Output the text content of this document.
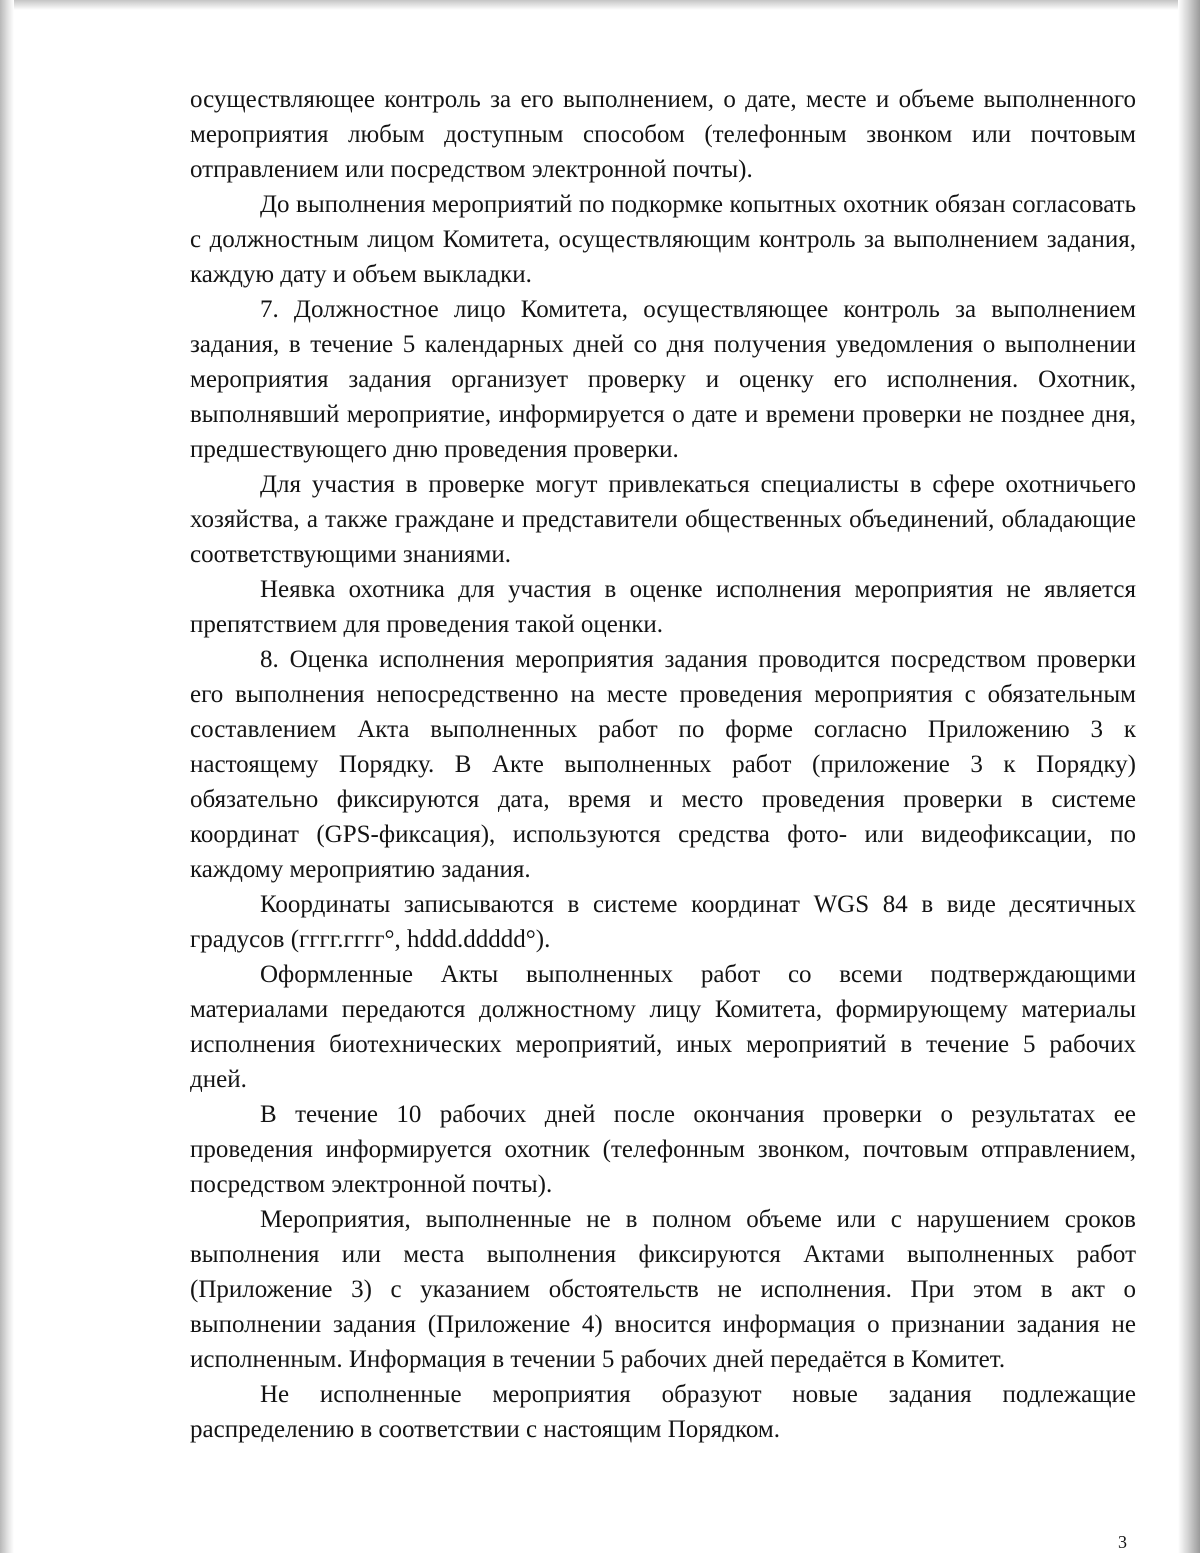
осуществляющее контроль за его выполнением, о дате, месте и объеме выполненного мероприятия любым доступным способом (телефонным звонком или почтовым отправлением или посредством электронной почты).

До выполнения мероприятий по подкормке копытных охотник обязан согласовать с должностным лицом Комитета, осуществляющим контроль за выполнением задания, каждую дату и объем выкладки.

7. Должностное лицо Комитета, осуществляющее контроль за выполнением задания, в течение 5 календарных дней со дня получения уведомления о выполнении мероприятия задания организует проверку и оценку его исполнения. Охотник, выполнявший мероприятие, информируется о дате и времени проверки не позднее дня, предшествующего дню проведения проверки.

Для участия в проверке могут привлекаться специалисты в сфере охотничьего хозяйства, а также граждане и представители общественных объединений, обладающие соответствующими знаниями.

Неявка охотника для участия в оценке исполнения мероприятия не является препятствием для проведения такой оценки.

8. Оценка исполнения мероприятия задания проводится посредством проверки его выполнения непосредственно на месте проведения мероприятия с обязательным составлением Акта выполненных работ по форме согласно Приложению 3 к настоящему Порядку. В Акте выполненных работ (приложение 3 к Порядку) обязательно фиксируются дата, время и место проведения проверки в системе координат (GPS-фиксация), используются средства фото- или видеофиксации, по каждому мероприятию задания.

Координаты записываются в системе координат WGS 84 в виде десятичных градусов (гггг.гггг°, hddd.ddddd°).

Оформленные Акты выполненных работ со всеми подтверждающими материалами передаются должностному лицу Комитета, формирующему материалы исполнения биотехнических мероприятий, иных мероприятий в течение 5 рабочих дней.

В течение 10 рабочих дней после окончания проверки о результатах ее проведения информируется охотник (телефонным звонком, почтовым отправлением, посредством электронной почты).

Мероприятия, выполненные не в полном объеме или с нарушением сроков выполнения или места выполнения фиксируются Актами выполненных работ (Приложение 3) с указанием обстоятельств не исполнения. При этом в акт о выполнении задания (Приложение 4) вносится информация о признании задания не исполненным. Информация в течении 5 рабочих дней передаётся в Комитет.

Не исполненные мероприятия образуют новые задания подлежащие распределению в соответствии с настоящим Порядком.

3
